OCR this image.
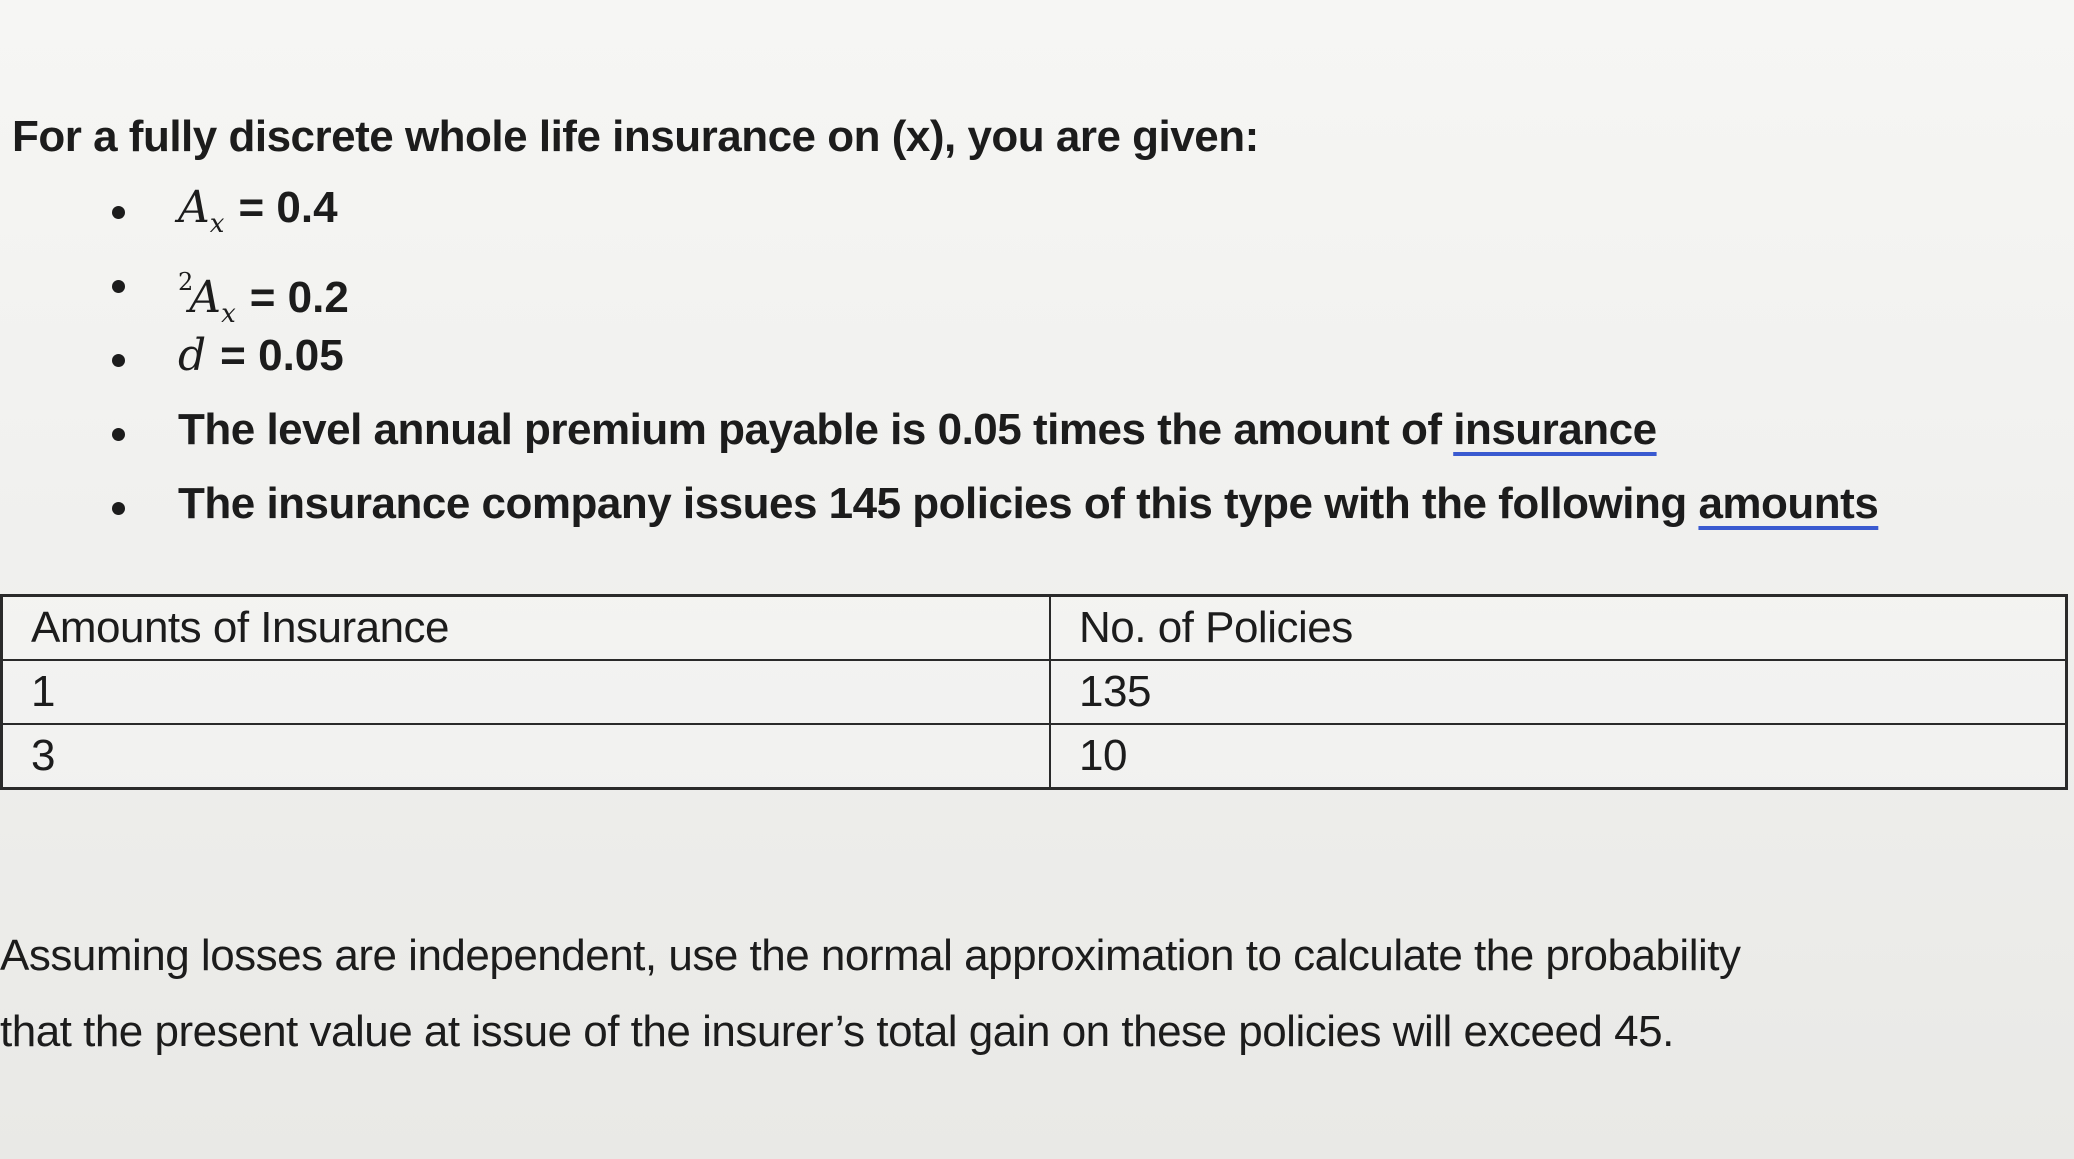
For a fully discrete whole life insurance on (x), you are given:
$A_x = 0.4$
$^2A_x = 0.2$
d = 0.05
The level annual premium payable is 0.05 times the amount of insurance
The insurance company issues 145 policies of this type with the following amounts
Amounts of Insurance	No. of Policies
1	135
3	10
Assuming losses are independent, use the normal approximation to calculate the probability
that the present value at issue of the insurer’s total gain on these policies will exceed 45.
